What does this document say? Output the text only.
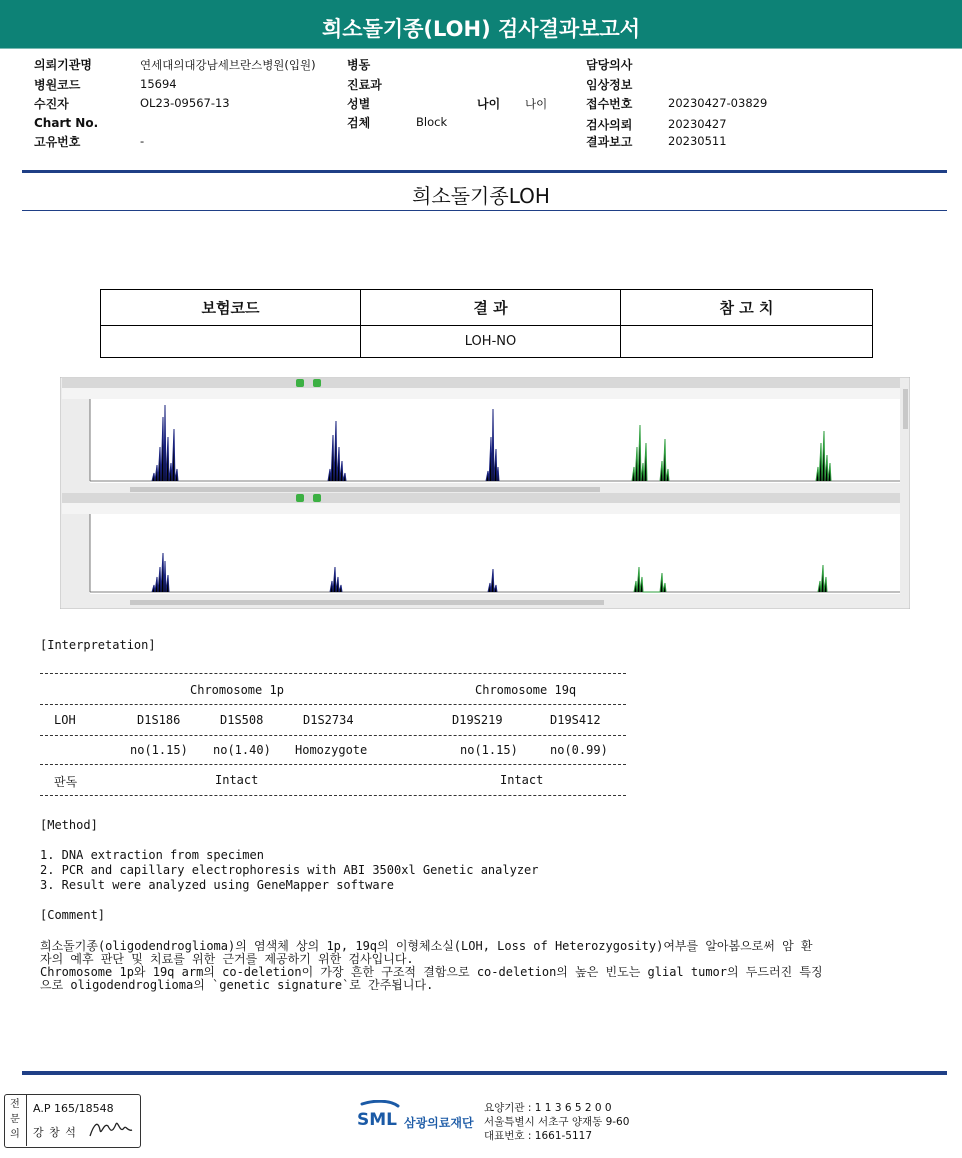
희소돌기종(LOH) 검사결과보고서
의뢰기관명	연세대의대강남세브란스병원(입원)
병원코드	15694
수진자	OL23-09567-13
Chart No.
고유번호	-
병동
진료과
성별
검체	Block
나이 나이
담당의사
임상정보
접수번호	20230427-03829
검사의뢰	20230427
결과보고	20230511
희소돌기종LOH
보험코드	결 과	참 고 치
	LOH-NO	
[Interpretation]
Chromosome 1p	Chromosome 19q
LOH	D1S186	D1S508	D1S2734	D19S219	D19S412
no(1.15) no(1.40) Homozygote	no(1.15)	no(0.99)
판독	Intact	Intact
[Method]
1. DNA extraction from specimen
2. PCR and capillary electrophoresis with ABI 3500xl Genetic analyzer
3. Result were analyzed using GeneMapper software
[Comment]
희소돌기종(oligodendroglioma)의 염색체 상의 1p, 19q의 이형체소실(LOH, Loss of Heterozygosity)여부를 알아봄으로써 암 환
자의 예후 판단 및 치료를 위한 근거를 제공하기 위한 검사입니다.
Chromosome 1p와 19q arm의 co-deletion이 가장 흔한 구조적 결함으로 co-deletion의 높은 빈도는 glial tumor의 두드러진 특징
으로 oligodendroglioma의 `genetic signature`로 간주됩니다.
전
문
의
A.P 165/18548
강 창 석
SML 삼광의료재단
요양기관 : 1 1 3 6 5 2 0 0
서울특별시 서초구 양재동 9-60
대표번호 : 1661-5117
